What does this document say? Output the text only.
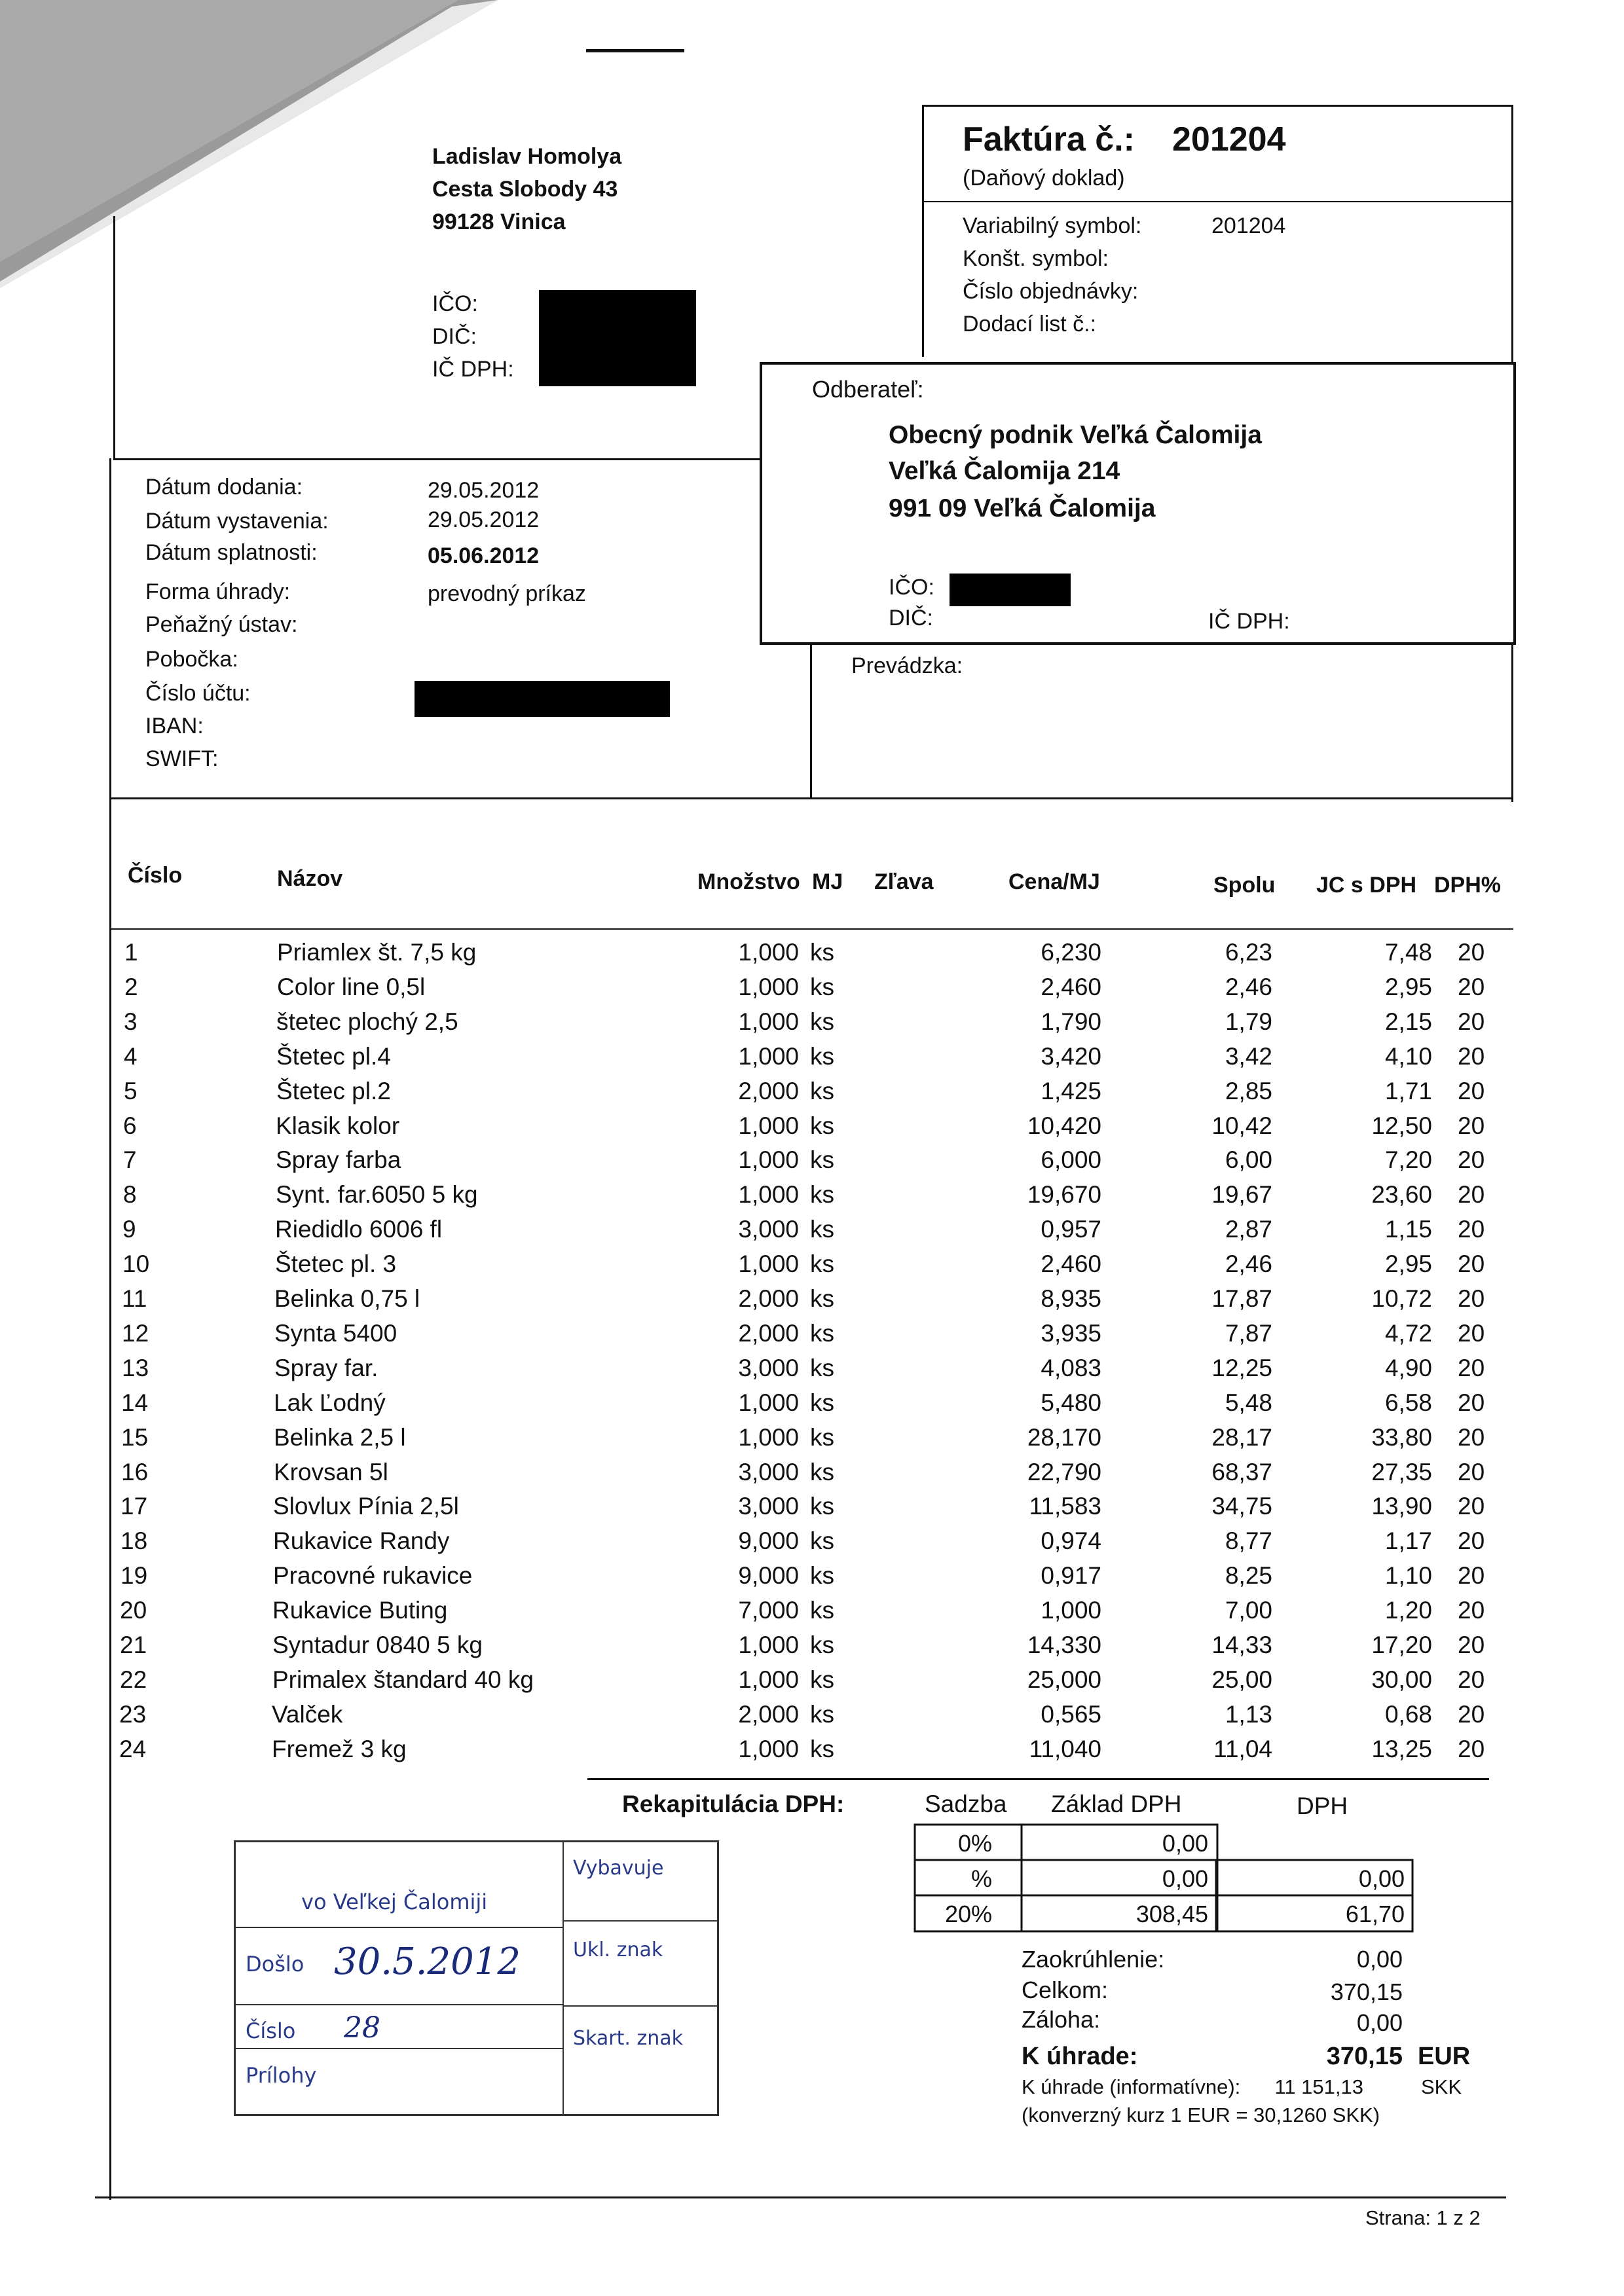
Ladislav Homolya
Cesta Slobody 43
99128 Vinica
IČO:
DIČ:
IČ DPH:
Faktúra č.: 201204
(Daňový doklad)
Variabilný symbol:	201204
Konšt. symbol:
Číslo objednávky:
Dodací list č.:
Odberateľ:
Obecný podnik Veľká Čalomija
Veľká Čalomija 214
991 09 Veľká Čalomija
IČO:
DIČ:	IČ DPH:
Prevádzka:
Dátum dodania:	29.05.2012
Dátum vystavenia:	29.05.2012
Dátum splatnosti:	05.06.2012
Forma úhrady:	prevodný príkaz
Peňažný ústav:
Pobočka:
Číslo účtu:
IBAN:
SWIFT:
Číslo	Názov	Množstvo MJ Zľava	Cena/MJ	Spolu JC s DPH DPH%
1	Priamlex št. 7,5 kg	1,000 ks	6,230	6,23	7,48 20
2	Color line 0,5l	1,000 ks	2,460	2,46	2,95 20
3	štetec plochý 2,5	1,000 ks	1,790	1,79	2,15 20
4	Štetec pl.4	1,000 ks	3,420	3,42	4,10 20
5	Štetec pl.2	2,000 ks	1,425	2,85	1,71 20
6	Klasik kolor	1,000 ks	10,420	10,42	12,50 20
7	Spray farba	1,000 ks	6,000	6,00	7,20 20
8	Synt. far.6050 5 kg	1,000 ks	19,670	19,67	23,60 20
9	Riedidlo 6006 fl	3,000 ks	0,957	2,87	1,15 20
10	Štetec pl. 3	1,000 ks	2,460	2,46	2,95 20
11	Belinka 0,75 l	2,000 ks	8,935	17,87	10,72 20
12	Synta 5400	2,000 ks	3,935	7,87	4,72 20
13	Spray far.	3,000 ks	4,083	12,25	4,90 20
14	Lak Ľodný	1,000 ks	5,480	5,48	6,58 20
15	Belinka 2,5 l	1,000 ks	28,170	28,17	33,80 20
16	Krovsan 5l	3,000 ks	22,790	68,37	27,35 20
17	Slovlux Pínia 2,5l	3,000 ks	11,583	34,75	13,90 20
18	Rukavice Randy	9,000 ks	0,974	8,77	1,17 20
19	Pracovné rukavice	9,000 ks	0,917	8,25	1,10 20
20	Rukavice Buting	7,000 ks	1,000	7,00	1,20 20
21	Syntadur 0840 5 kg	1,000 ks	14,330	14,33	17,20 20
22	Primalex štandard 40 kg	1,000 ks	25,000	25,00	30,00 20
23	Valček	2,000 ks	0,565	1,13	0,68 20
24	Fremež 3 kg	1,000 ks	11,040	11,04	13,25 20
Rekapitulácia DPH:	Sadzba Základ DPH	DPH
0%	0,00
%	0,00	0,00
20%	308,45	61,70
Zaokrúhlenie:	0,00
Celkom:	370,15
Záloha:	0,00
K úhrade:	370,15 EUR
K úhrade (informatívne): 11 151,13	SKK
(konverzný kurz 1 EUR = 30,1260 SKK)
vo Veľkej Čalomiji
Došlo 30.5.2012
Číslo 28
Prílohy
Vybavuje
Ukl. znak
Skart. znak
Strana: 1 z 2
